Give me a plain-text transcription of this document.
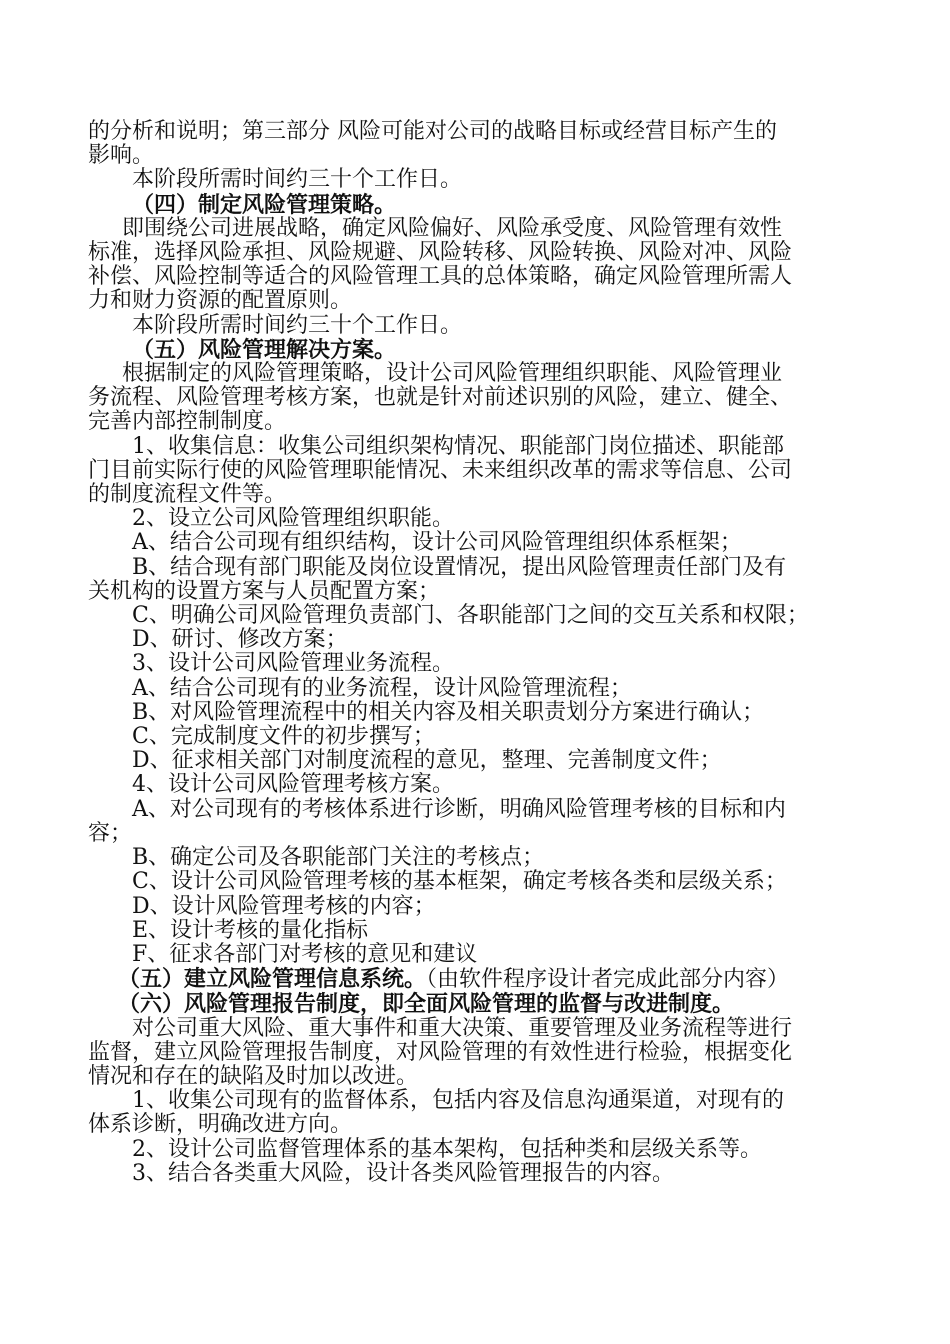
的分析和说明；第三部分 风险可能对公司的战略目标或经营目标产生的
影响。
本阶段所需时间约三十个工作日。
（四）制定风险管理策略。
即围绕公司进展战略，确定风险偏好、风险承受度、风险管理有效性
标准，选择风险承担、风险规避、风险转移、风险转换、风险对冲、风险
补偿、风险控制等适合的风险管理工具的总体策略，确定风险管理所需人
力和财力资源的配置原则。
本阶段所需时间约三十个工作日。
（五）风险管理解决方案。
根据制定的风险管理策略，设计公司风险管理组织职能、风险管理业
务流程、风险管理考核方案，也就是针对前述识别的风险，建立、健全、
完善内部控制制度。
1、收集信息：收集公司组织架构情况、职能部门岗位描述、职能部
门目前实际行使的风险管理职能情况、未来组织改革的需求等信息、公司
的制度流程文件等。
2、设立公司风险管理组织职能。
A、结合公司现有组织结构，设计公司风险管理组织体系框架；
B、结合现有部门职能及岗位设置情况，提出风险管理责任部门及有
关机构的设置方案与人员配置方案；
C、明确公司风险管理负责部门、各职能部门之间的交互关系和权限；
D、研讨、修改方案；
3、设计公司风险管理业务流程。
A、结合公司现有的业务流程，设计风险管理流程；
B、对风险管理流程中的相关内容及相关职责划分方案进行确认；
C、完成制度文件的初步撰写；
D、征求相关部门对制度流程的意见，整理、完善制度文件；
4、设计公司风险管理考核方案。
A、对公司现有的考核体系进行诊断，明确风险管理考核的目标和内
容；
B、确定公司及各职能部门关注的考核点；
C、设计公司风险管理考核的基本框架，确定考核各类和层级关系；
D、设计风险管理考核的内容；
E、设计考核的量化指标
F、征求各部门对考核的意见和建议
（五）建立风险管理信息系统。（由软件程序设计者完成此部分内容）
（六）风险管理报告制度，即全面风险管理的监督与改进制度。
对公司重大风险、重大事件和重大决策、重要管理及业务流程等进行
监督，建立风险管理报告制度，对风险管理的有效性进行检验，根据变化
情况和存在的缺陷及时加以改进。
1、收集公司现有的监督体系，包括内容及信息沟通渠道，对现有的
体系诊断，明确改进方向。
2、设计公司监督管理体系的基本架构，包括种类和层级关系等。
3、结合各类重大风险，设计各类风险管理报告的内容。
